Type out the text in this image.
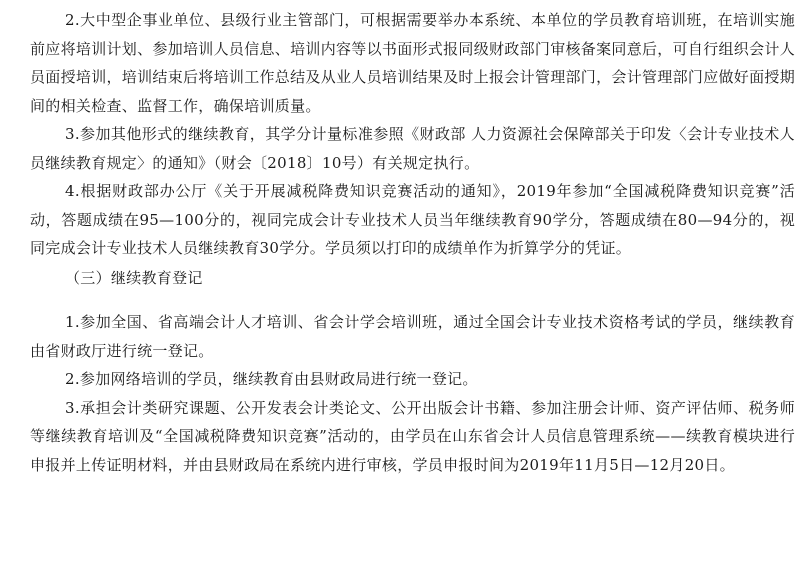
2.大中型企事业单位、县级行业主管部门，可根据需要举办本系统、本单位的学员教育培训班，在培训实施前应将培训计划、参加培训人员信息、培训内容等以书面形式报同级财政部门审核备案同意后，可自行组织会计人员面授培训，培训结束后将培训工作总结及从业人员培训结果及时上报会计管理部门，会计管理部门应做好面授期间的相关检查、监督工作，确保培训质量。

3.参加其他形式的继续教育，其学分计量标准参照《财政部 人力资源社会保障部关于印发〈会计专业技术人员继续教育规定〉的通知》（财会〔2018〕10号）有关规定执行。

4.根据财政部办公厅《关于开展减税降费知识竞赛活动的通知》，2019年参加“全国减税降费知识竞赛”活动，答题成绩在95—100分的，视同完成会计专业技术人员当年继续教育90学分，答题成绩在80—94分的，视同完成会计专业技术人员继续教育30学分。学员须以打印的成绩单作为折算学分的凭证。

（三）继续教育登记

1.参加全国、省高端会计人才培训、省会计学会培训班，通过全国会计专业技术资格考试的学员，继续教育由省财政厅进行统一登记。

2.参加网络培训的学员，继续教育由县财政局进行统一登记。

3.承担会计类研究课题、公开发表会计类论文、公开出版会计书籍、参加注册会计师、资产评估师、税务师等继续教育培训及“全国减税降费知识竞赛”活动的，由学员在山东省会计人员信息管理系统——续教育模块进行申报并上传证明材料，并由县财政局在系统内进行审核，学员申报时间为2019年11月5日—12月20日。
